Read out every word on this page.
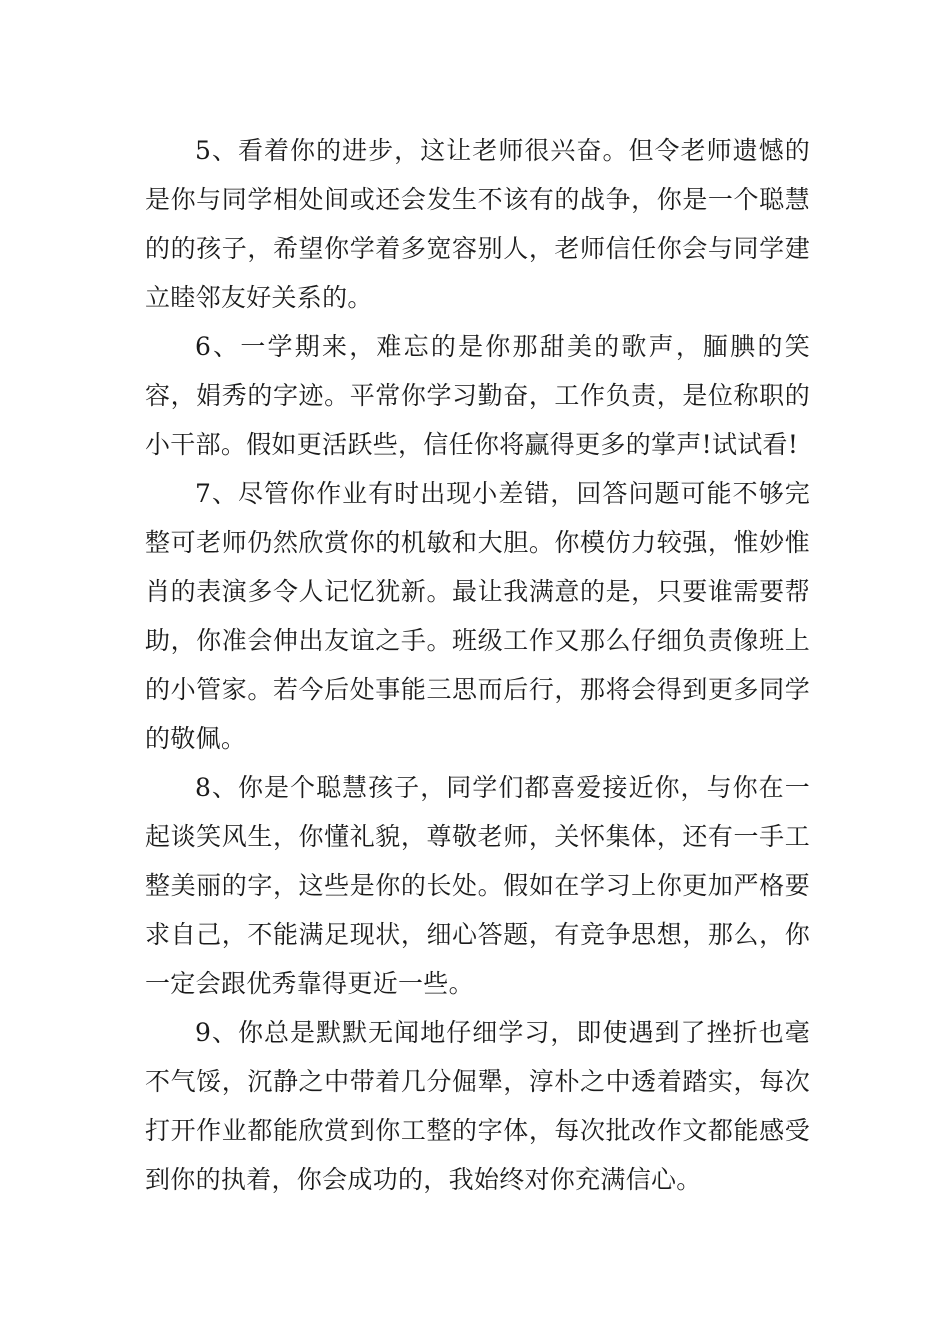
5、看着你的进步，这让老师很兴奋。但令老师遗憾的是你与同学相处间或还会发生不该有的战争，你是一个聪慧的的孩子，希望你学着多宽容别人，老师信任你会与同学建立睦邻友好关系的。

6、一学期来，难忘的是你那甜美的歌声，腼腆的笑容，娟秀的字迹。平常你学习勤奋，工作负责，是位称职的小干部。假如更活跃些，信任你将赢得更多的掌声!试试看!

7、尽管你作业有时出现小差错，回答问题可能不够完整可老师仍然欣赏你的机敏和大胆。你模仿力较强，惟妙惟肖的表演多令人记忆犹新。最让我满意的是，只要谁需要帮助，你准会伸出友谊之手。班级工作又那么仔细负责像班上的小管家。若今后处事能三思而后行，那将会得到更多同学的敬佩。

8、你是个聪慧孩子，同学们都喜爱接近你，与你在一起谈笑风生，你懂礼貌，尊敬老师，关怀集体，还有一手工整美丽的字，这些是你的长处。假如在学习上你更加严格要求自己，不能满足现状，细心答题，有竞争思想，那么，你一定会跟优秀靠得更近一些。

9、你总是默默无闻地仔细学习，即使遇到了挫折也毫不气馁，沉静之中带着几分倔犟，淳朴之中透着踏实，每次打开作业都能欣赏到你工整的字体，每次批改作文都能感受到你的执着，你会成功的，我始终对你充满信心。
